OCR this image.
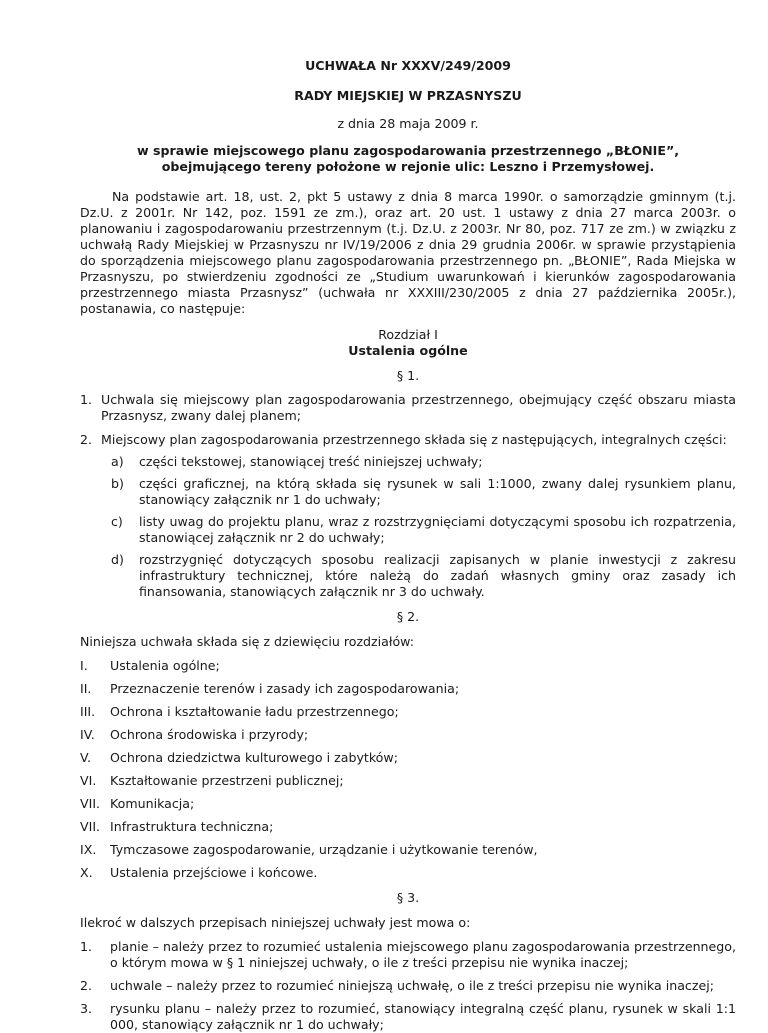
UCHWAŁA Nr XXXV/249/2009
RADY MIEJSKIEJ W PRZASNYSZU
z dnia 28 maja 2009 r.
w sprawie miejscowego planu zagospodarowania przestrzennego „BŁONIE”, obejmującego tereny położone w rejonie ulic: Leszno i Przemysłowej.
Na podstawie art. 18, ust. 2, pkt 5 ustawy z dnia 8 marca 1990r. o samorządzie gminnym (t.j. Dz.U. z 2001r. Nr 142, poz. 1591 ze zm.), oraz art. 20 ust. 1 ustawy z dnia 27 marca 2003r. o planowaniu i zagospodarowaniu przestrzennym (t.j. Dz.U. z 2003r. Nr 80, poz. 717 ze zm.) w związku z uchwałą Rady Miejskiej w Przasnyszu nr IV/19/2006 z dnia 29 grudnia 2006r. w sprawie przystąpienia do sporządzenia miejscowego planu zagospodarowania przestrzennego pn. „BŁONIE”, Rada Miejska w Przasnyszu, po stwierdzeniu zgodności ze „Studium uwarunkowań i kierunków zagospodarowania przestrzennego miasta Przasnysz” (uchwała nr XXXIII/230/2005 z dnia 27 października 2005r.), postanawia, co następuje:
Rozdział I
Ustalenia ogólne
§ 1.
1. Uchwala się miejscowy plan zagospodarowania przestrzennego, obejmujący część obszaru miasta Przasnysz, zwany dalej planem;
2. Miejscowy plan zagospodarowania przestrzennego składa się z następujących, integralnych części:
a) części tekstowej, stanowiącej treść niniejszej uchwały;
b) części graficznej, na którą składa się rysunek w sali 1:1000, zwany dalej rysunkiem planu, stanowiący załącznik nr 1 do uchwały;
c) listy uwag do projektu planu, wraz z rozstrzygnięciami dotyczącymi sposobu ich rozpatrzenia, stanowiącej załącznik nr 2 do uchwały;
d) rozstrzygnięć dotyczących sposobu realizacji zapisanych w planie inwestycji z zakresu infrastruktury technicznej, które należą do zadań własnych gminy oraz zasady ich finansowania, stanowiących załącznik nr 3 do uchwały.
§ 2.
Niniejsza uchwała składa się z dziewięciu rozdziałów:
I. Ustalenia ogólne;
II. Przeznaczenie terenów i zasady ich zagospodarowania;
III. Ochrona i kształtowanie ładu przestrzennego;
IV. Ochrona środowiska i przyrody;
V. Ochrona dziedzictwa kulturowego i zabytków;
VI. Kształtowanie przestrzeni publicznej;
VII. Komunikacja;
VII. Infrastruktura techniczna;
IX. Tymczasowe zagospodarowanie, urządzanie i użytkowanie terenów,
X. Ustalenia przejściowe i końcowe.
§ 3.
Ilekroć w dalszych przepisach niniejszej uchwały jest mowa o:
1. planie – należy przez to rozumieć ustalenia miejscowego planu zagospodarowania przestrzennego, o którym mowa w § 1 niniejszej uchwały, o ile z treści przepisu nie wynika inaczej;
2. uchwale – należy przez to rozumieć niniejszą uchwałę, o ile z treści przepisu nie wynika inaczej;
3. rysunku planu – należy przez to rozumieć, stanowiący integralną część planu, rysunek w skali 1:1 000, stanowiący załącznik nr 1 do uchwały;
